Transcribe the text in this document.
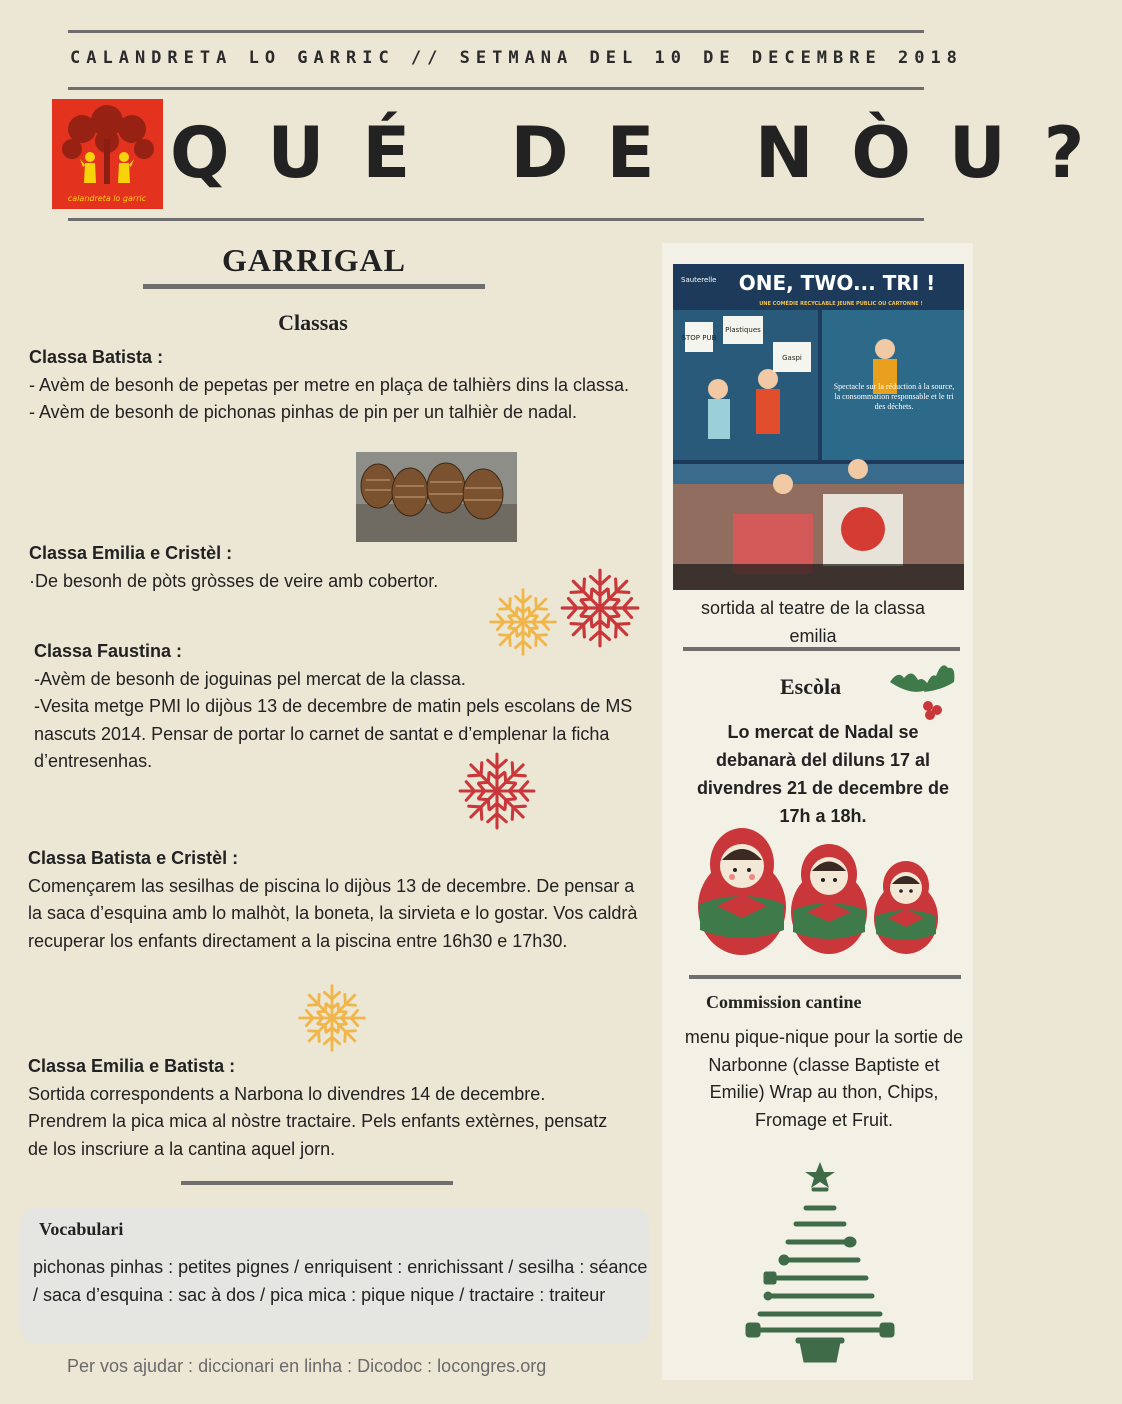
CALANDRETA LO GARRIC // SETMANA DEL 10 DE DECEMBRE 2018
calandreta lo garric
QUÉ DE NÒU?
GARRIGAL
Classas

Classa Batista :

- Avèm de besonh de pepetas per metre en plaça de talhièrs dins la classa.

- Avèm de besonh de pichonas pinhas de pin per un talhièr de nadal.

Classa Emilia e Cristèl :

·De besonh de pòts gròsses de veire amb cobertor.

Classa Faustina :

-Avèm de besonh de joguinas pel mercat de la classa.

-Vesita metge PMI lo dijòus 13 de decembre de matin pels escolans de MS nascuts 2014. Pensar de portar lo carnet de santat e d’emplenar la ficha d’entresenhas.

Classa Batista e Cristèl :

Començarem las sesilhas de piscina lo dijòus 13 de decembre. De pensar a la saca d’esquina amb lo malhòt, la boneta, la sirvieta e lo gostar. Vos caldrà recuperar los enfants directament a la piscina entre 16h30 e 17h30.

Classa Emilia e Batista :

Sortida correspondents a Narbona lo divendres 14 de decembre. Prendrem la pica mica al nòstre tractaire. Pels enfants extèrnes, pensatz de los inscriure a la cantina aquel jorn.

Vocabulari
pichonas pinhas : petites pignes / enriquisent : enrichissant / sesilha : séance / saca d’esquina : sac à dos / pica mica : pique nique / tractaire : traiteur
Per vos ajudar : diccionari en linha : Dicodoc : locongres.org
STOP PUB
Plastiques
Gaspi
Sauterelle ONE, TWO... TRI !
UNE COMÉDIE RECYCLABLE JEUNE PUBLIC OU CARTONNE !
Spectacle sur la réduction à la source, la consommation responsable et le tri des déchets.
sortida al teatre de la classa emilia
Escòla
Lo mercat de Nadal se debanarà del diluns 17 al divendres 21 de decembre de 17h a 18h.
Commission cantine
menu pique-nique pour la sortie de Narbonne (classe Baptiste et Emilie) Wrap au thon, Chips, Fromage et Fruit.
